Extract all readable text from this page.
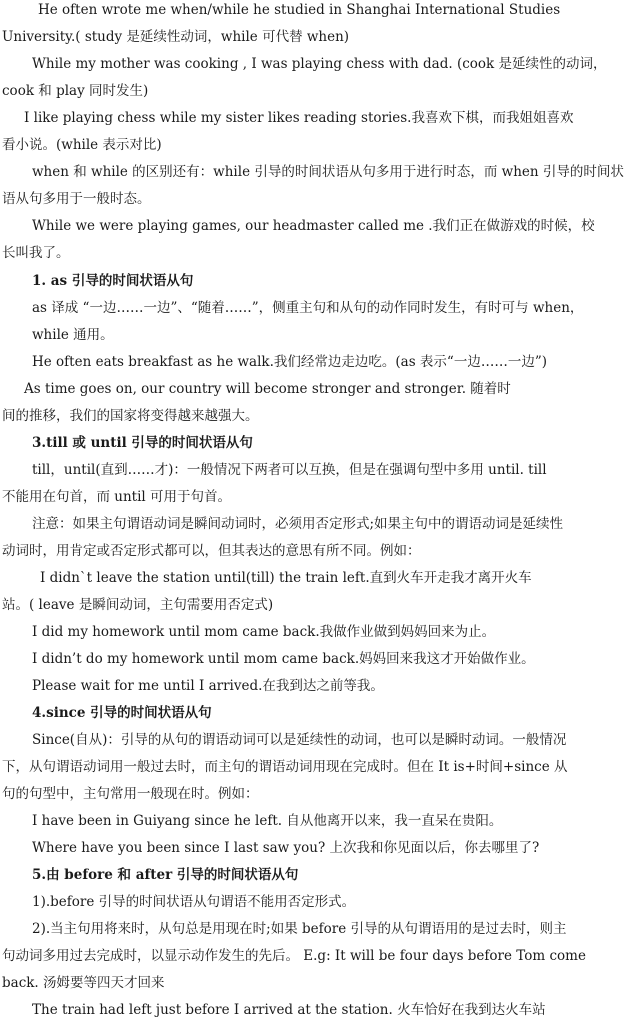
He often wrote me when/while he studied in Shanghai International Studies
University.( study 是延续性动词，while 可代替 when)
While my mother was cooking , I was playing chess with dad. (cook 是延续性的动词，
cook 和 play 同时发生)
I like playing chess while my sister likes reading stories.我喜欢下棋，而我姐姐喜欢
看小说。(while 表示对比)
when 和 while 的区别还有：while 引导的时间状语从句多用于进行时态，而 when 引导的时间状
语从句多用于一般时态。
While we were playing games, our headmaster called me .我们正在做游戏的时候，校
长叫我了。
1. as 引导的时间状语从句
as 译成 “一边……一边”、“随着……”，侧重主句和从句的动作同时发生，有时可与 when，
while 通用。
He often eats breakfast as he walk.我们经常边走边吃。(as 表示“一边……一边”)
As time goes on, our country will become stronger and stronger. 随着时
间的推移，我们的国家将变得越来越强大。
3.till 或 until 引导的时间状语从句
till，until(直到……才)：一般情况下两者可以互换，但是在强调句型中多用 until. till
不能用在句首，而 until 可用于句首。
注意：如果主句谓语动词是瞬间动词时，必须用否定形式;如果主句中的谓语动词是延续性
动词时，用肯定或否定形式都可以，但其表达的意思有所不同。例如：
I didn`t leave the station until(till) the train left.直到火车开走我才离开火车
站。( leave 是瞬间动词，主句需要用否定式)
I did my homework until mom came back.我做作业做到妈妈回来为止。
I didn’t do my homework until mom came back.妈妈回来我这才开始做作业。
Please wait for me until I arrived.在我到达之前等我。
4.since 引导的时间状语从句
Since(自从)：引导的从句的谓语动词可以是延续性的动词，也可以是瞬时动词。一般情况
下，从句谓语动词用一般过去时，而主句的谓语动词用现在完成时。但在 It is+时间+since 从
句的句型中，主句常用一般现在时。例如：
I have been in Guiyang since he left. 自从他离开以来，我一直呆在贵阳。
Where have you been since I last saw you? 上次我和你见面以后，你去哪里了?
5.由 before 和 after 引导的时间状语从句
1).before 引导的时间状语从句谓语不能用否定形式。
2).当主句用将来时，从句总是用现在时;如果 before 引导的从句谓语用的是过去时，则主
句动词多用过去完成时，以显示动作发生的先后。 E.g: It will be four days before Tom come
back. 汤姆要等四天才回来
The train had left just before I arrived at the station. 火车恰好在我到达火车站
